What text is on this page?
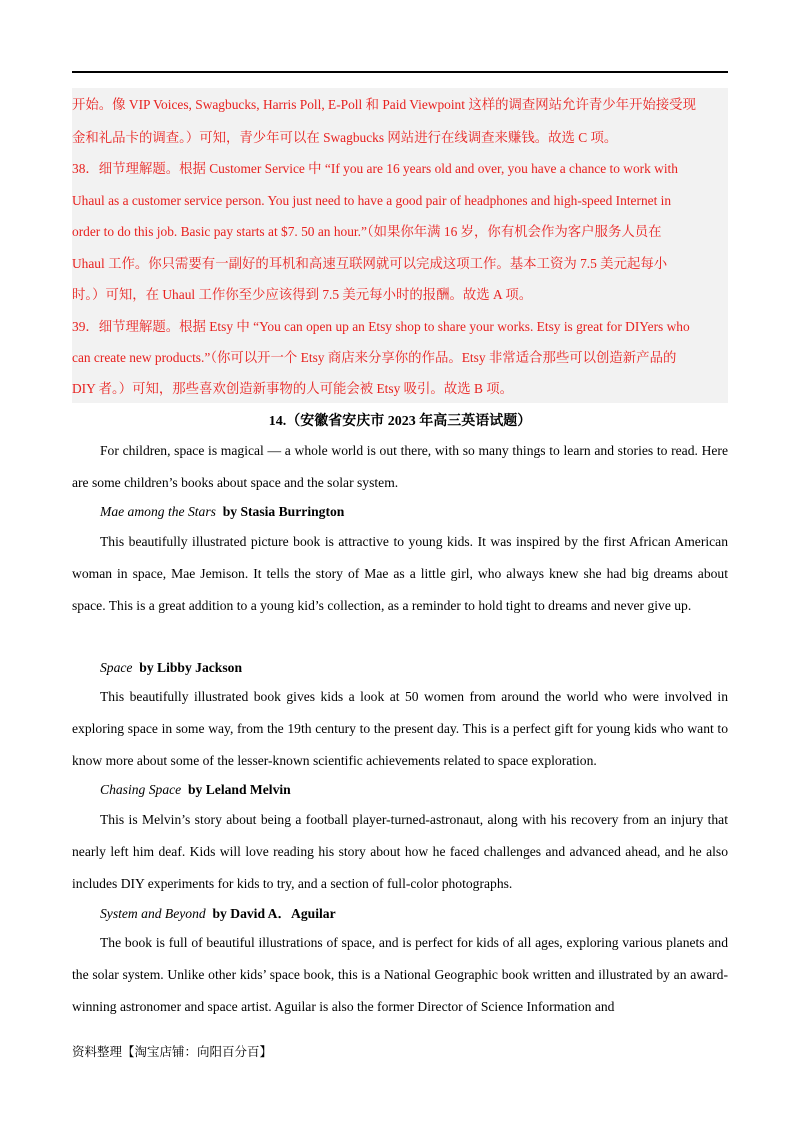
开始。像 VIP Voices, Swagbucks, Harris Poll, E-Poll 和 Paid Viewpoint 这样的调查网站允许青少年开始接受现
金和礼品卡的调查。）可知，青少年可以在 Swagbucks 网站进行在线调查来赚钱。故选 C 项。
38．细节理解题。根据 Customer Service 中 “If you are 16 years old and over, you have a chance to work with
Uhaul as a customer service person. You just need to have a good pair of headphones and high-speed Internet in
order to do this job. Basic pay starts at $7. 50 an hour.”（如果你年满 16 岁，你有机会作为客户服务人员在
Uhaul 工作。你只需要有一副好的耳机和高速互联网就可以完成这项工作。基本工资为 7.5 美元起每小
时。）可知，在 Uhaul 工作你至少应该得到 7.5 美元每小时的报酬。故选 A 项。
39．细节理解题。根据 Etsy 中 “You can open up an Etsy shop to share your works. Etsy is great for DIYers who
can create new products.”（你可以开一个 Etsy 商店来分享你的作品。Etsy 非常适合那些可以创造新产品的
DIY 者。）可知，那些喜欢创造新事物的人可能会被 Etsy 吸引。故选 B 项。
14.（安徽省安庆市 2023 年高三英语试题）

For children, space is magical — a whole world is out there, with so many things to learn and stories to read. Here are some children’s books about space and the solar system.

Mae among the Stars by Stasia Burrington

This beautifully illustrated picture book is attractive to young kids. It was inspired by the first African American woman in space, Mae Jemison. It tells the story of Mae as a little girl, who always knew she had big dreams about space. This is a great addition to a young kid’s collection, as a reminder to hold tight to dreams and never give up.

Space by Libby Jackson

This beautifully illustrated book gives kids a look at 50 women from around the world who were involved in exploring space in some way, from the 19th century to the present day. This is a perfect gift for young kids who want to know more about some of the lesser-known scientific achievements related to space exploration.

Chasing Space by Leland Melvin

This is Melvin’s story about being a football player-turned-astronaut, along with his recovery from an injury that nearly left him deaf. Kids will love reading his story about how he faced challenges and advanced ahead, and he also includes DIY experiments for kids to try, and a section of full-color photographs.

System and Beyond by David A．Aguilar

The book is full of beautiful illustrations of space, and is perfect for kids of all ages, exploring various planets and the solar system. Unlike other kids’ space book, this is a National Geographic book written and illustrated by an award-winning astronomer and space artist. Aguilar is also the former Director of Science Information and

资料整理【淘宝店铺：向阳百分百】
